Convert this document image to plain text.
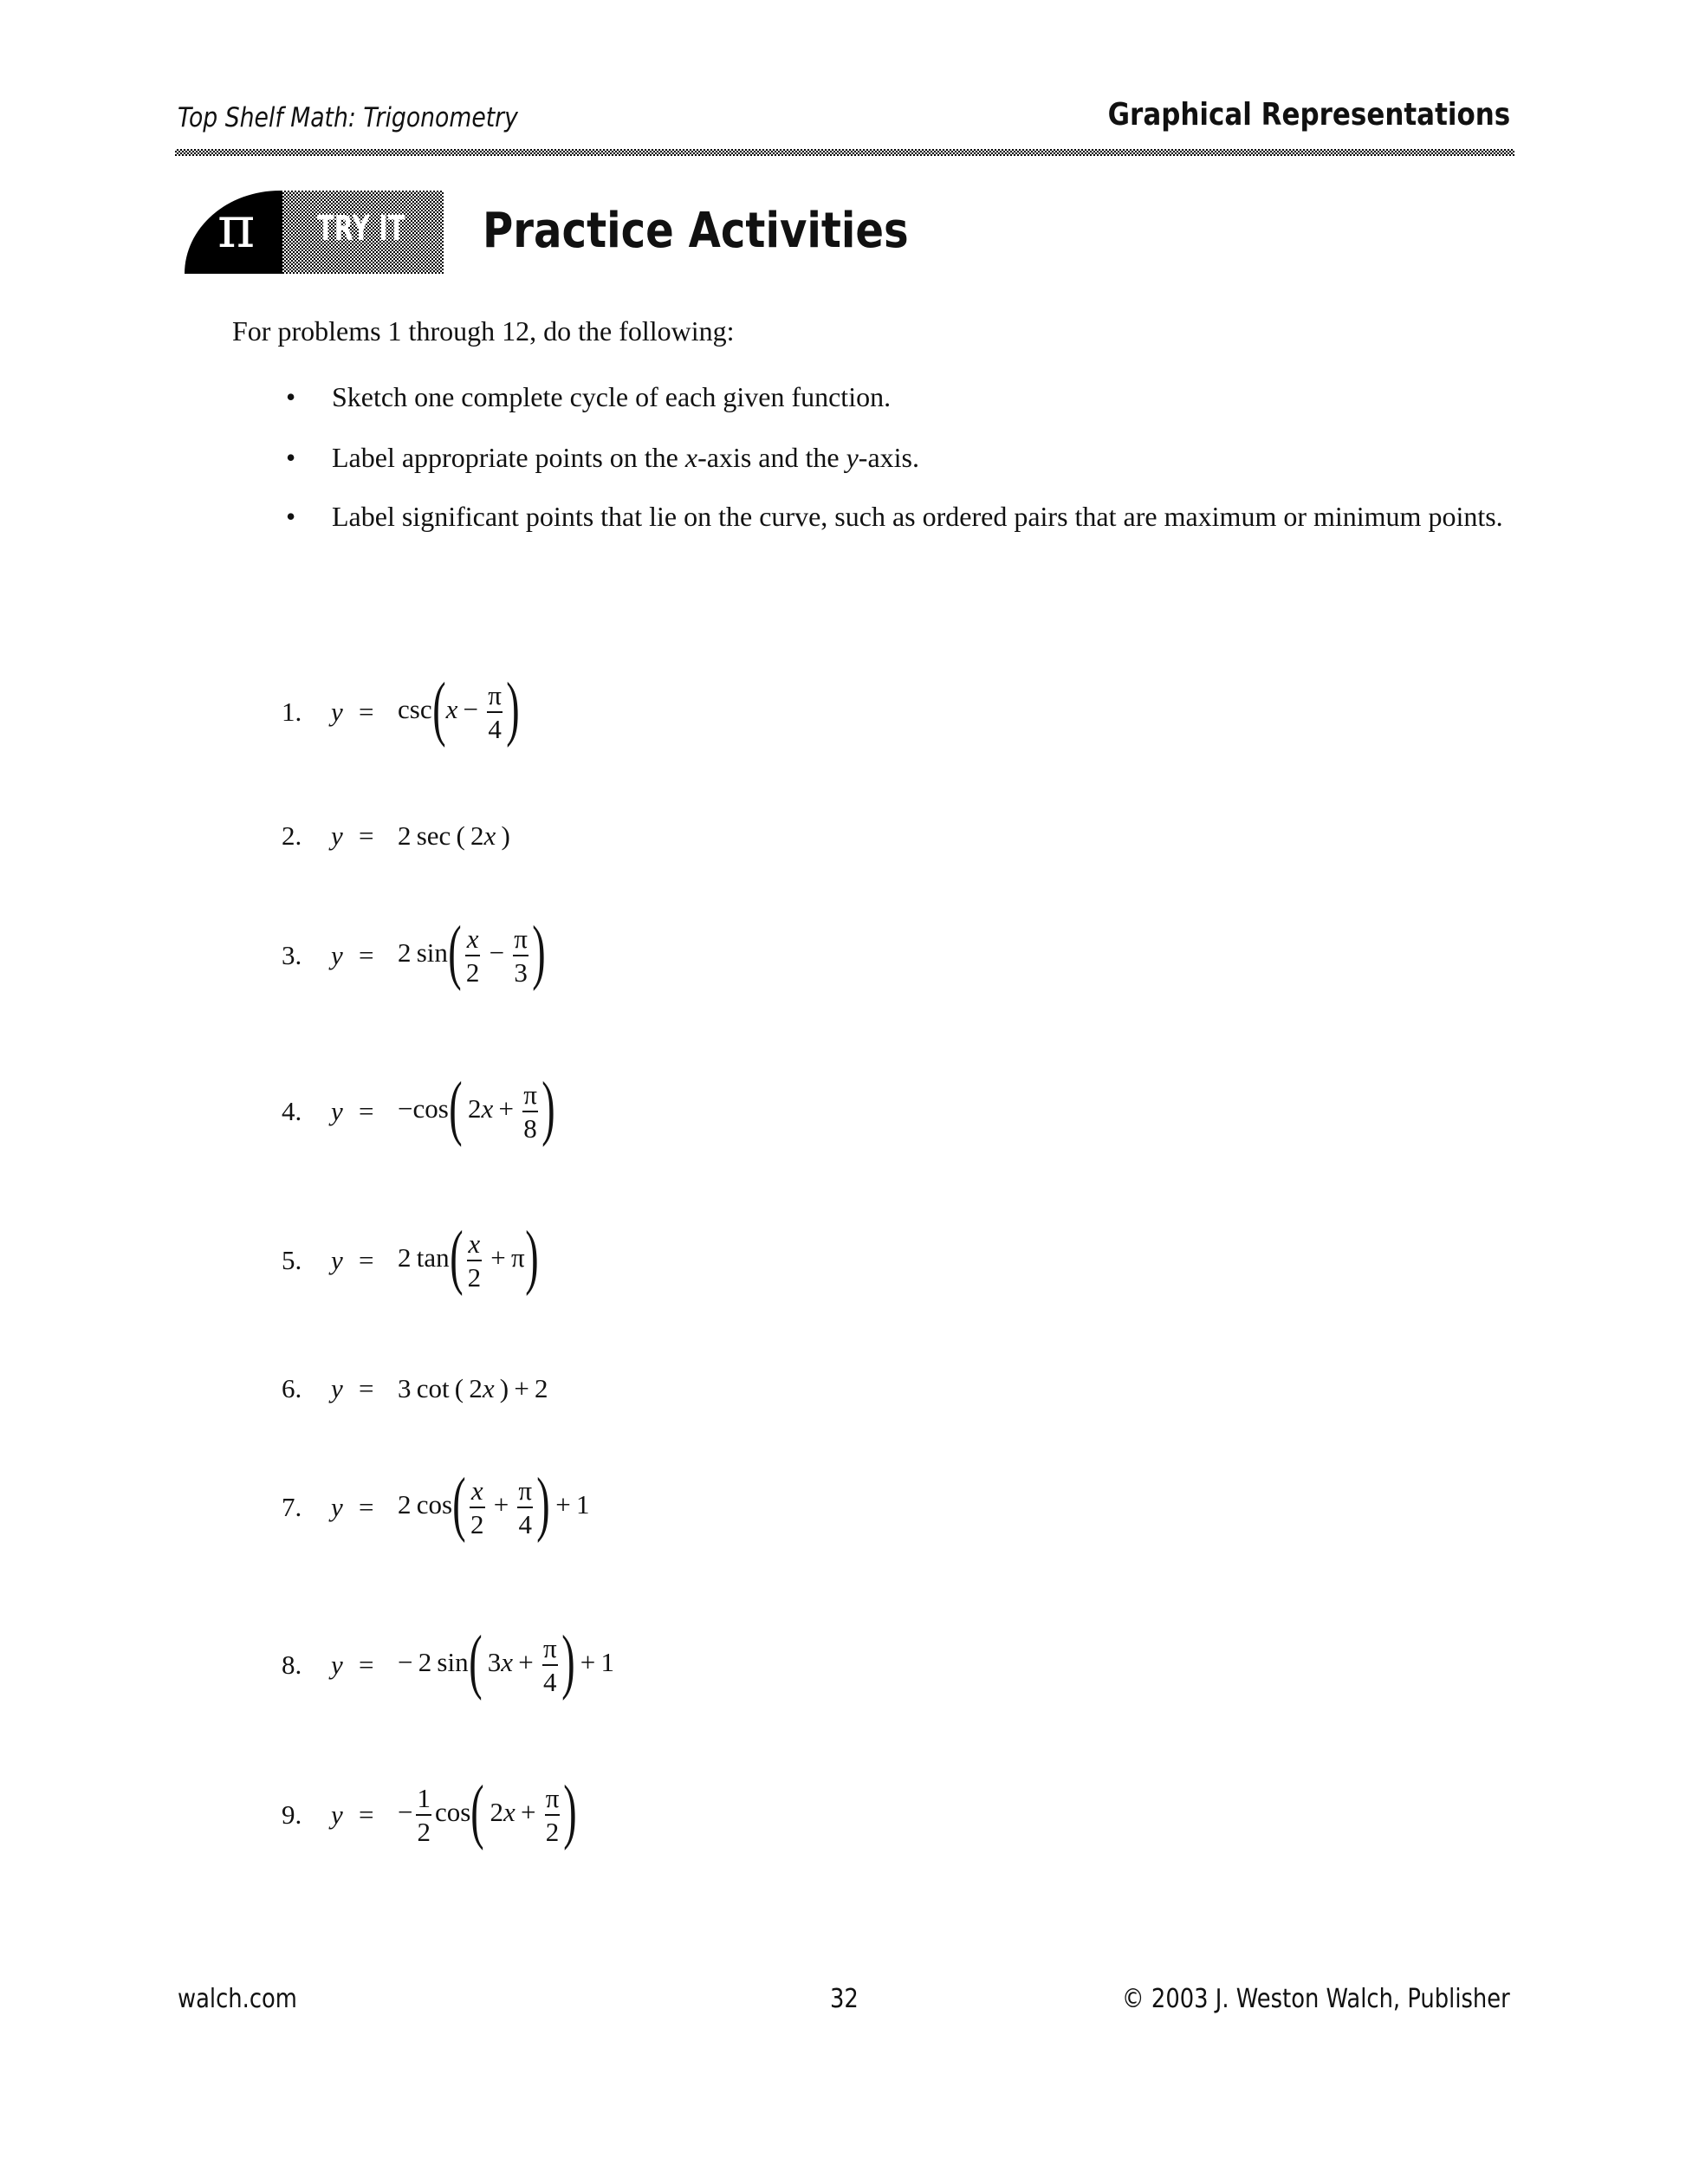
Top Shelf Math: Trigonometry	Graphical Representations
π TRY IT Practice Activities
For problems 1 through 12, do the following:
• Sketch one complete cycle of each given function.
• Label appropriate points on the x-axis and the y-axis.
• Label significant points that lie on the curve, such as ordered pairs that are maximum or minimum points.
1.	$y = \csc(x - \frac{\pi}{4}$ )
2.	y = 2 sec ( 2x )
3.	y = 2 $\sin( \frac{x}{2} - \frac{\pi}{3}$ )
4.	y = −cos( $2x + \frac{\pi}{8}$ )
5.	y = 2 $\tan( \frac{x}{2} + \pi)$
6.	y = 3 cot ( 2x ) + 2
7.	y = 2 $\cos( \frac{x}{2} + \frac{\pi}{4}$ ) + 1
8.	y = − 2 sin( $3x + \frac{\pi}{4}$ ) + 1
9.	y = − $\frac{1}{2} \cos$( $2x + \frac{\pi}{2}$ )
walch.com	32	© 2003 J. Weston Walch, Publisher
